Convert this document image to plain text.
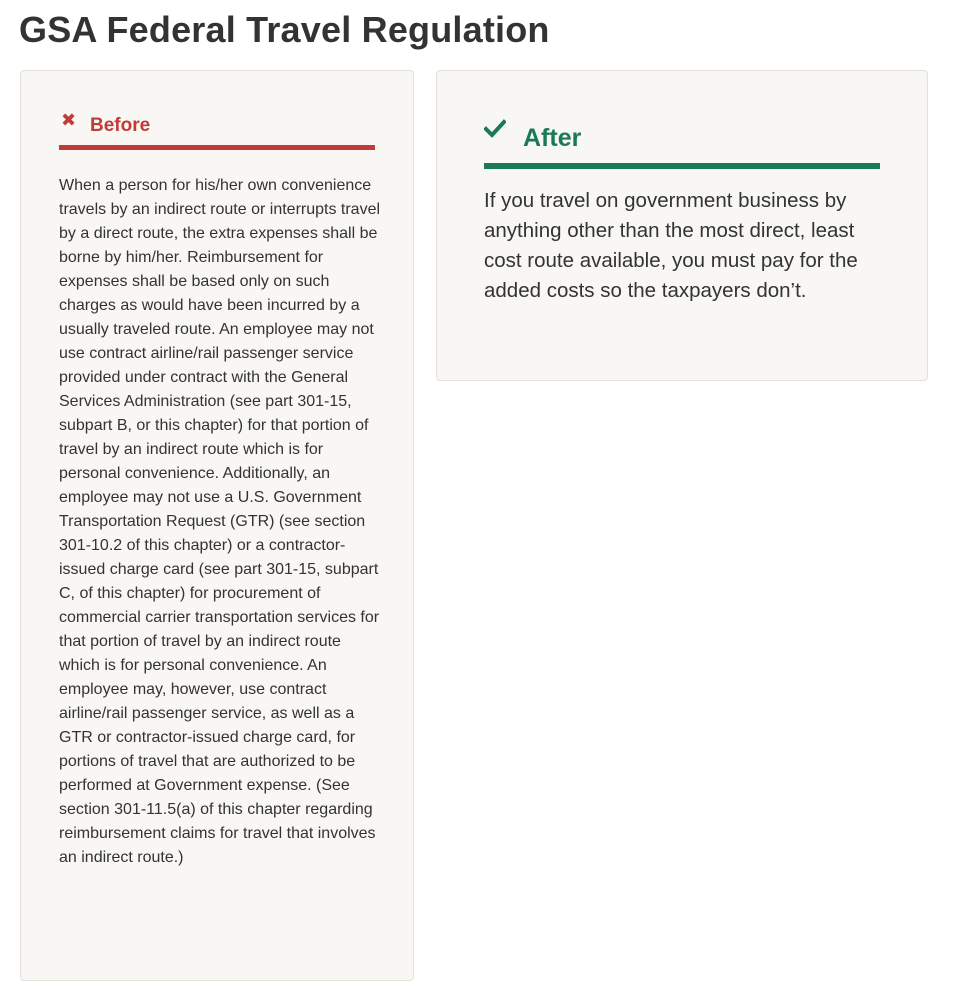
GSA Federal Travel Regulation
✖ Before

When a person for his/her own convenience travels by an indirect route or interrupts travel by a direct route, the extra expenses shall be borne by him/her. Reimbursement for expenses shall be based only on such charges as would have been incurred by a usually traveled route. An employee may not use contract airline/rail passenger service provided under contract with the General Services Administration (see part 301-15, subpart B, or this chapter) for that portion of travel by an indirect route which is for personal convenience. Additionally, an employee may not use a U.S. Government Transportation Request (GTR) (see section 301-10.2 of this chapter) or a contractor-issued charge card (see part 301-15, subpart C, of this chapter) for procurement of commercial carrier transportation services for that portion of travel by an indirect route which is for personal convenience. An employee may, however, use contract airline/rail passenger service, as well as a GTR or contractor-issued charge card, for portions of travel that are authorized to be performed at Government expense. (See section 301-11.5(a) of this chapter regarding reimbursement claims for travel that involves an indirect route.)

After

If you travel on government business by anything other than the most direct, least cost route available, you must pay for the added costs so the taxpayers don’t.
